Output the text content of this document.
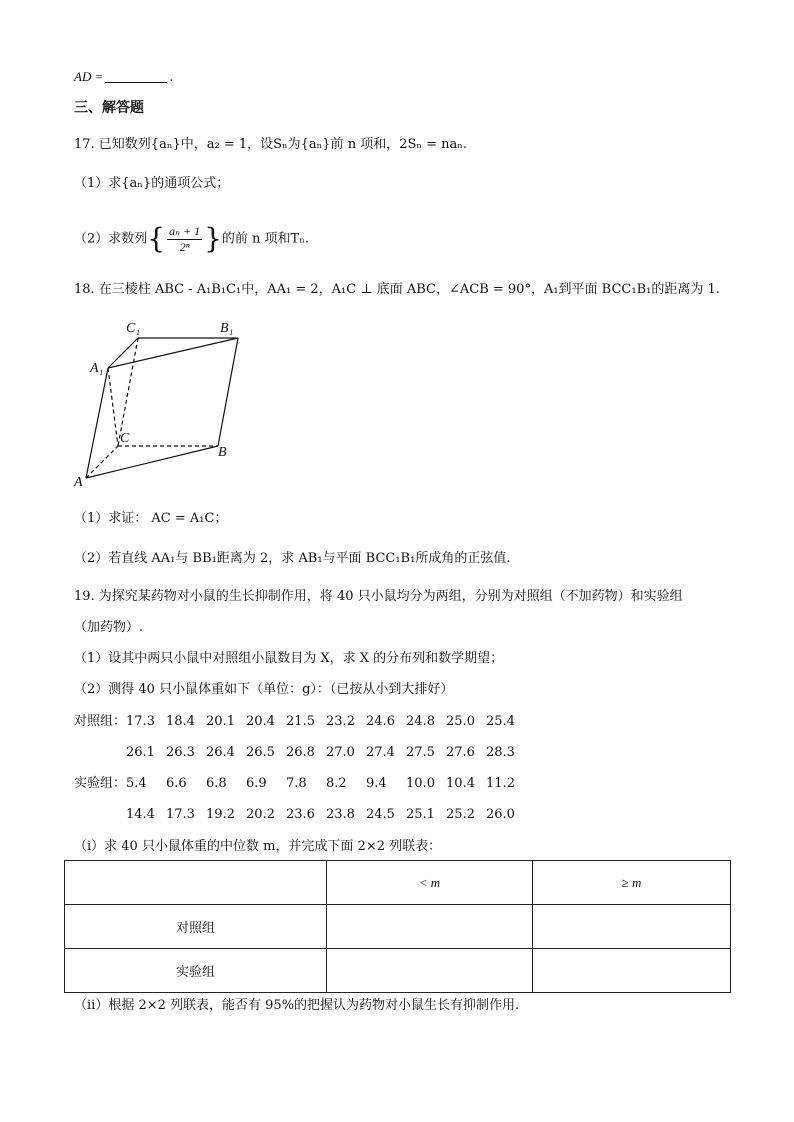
AD =	.
三、解答题
17. 已知数列{aₙ}中，a₂ = 1，设Sₙ为{aₙ}前 n 项和，2Sₙ = naₙ.
（1）求{aₙ}的通项公式；
（2）求数列{ $\frac{\text{aₙ + 1}}{\text{2ⁿ}}$ }的前 n 项和Tₙ.
18. 在三棱柱 ABC - A₁B₁C₁中，AA₁ = 2，A₁C ⊥ 底面 ABC，∠ACB = 90°，A₁到平面 BCC₁B₁的距离为 1.
C₁	B₁
A₁
C
B
A
（1）求证： AC = A₁C；
（2）若直线 AA₁与 BB₁距离为 2，求 AB₁与平面 BCC₁B₁所成角的正弦值.
19. 为探究某药物对小鼠的生长抑制作用，将 40 只小鼠均分为两组，分别为对照组（不加药物）和实验组
（加药物）.
（1）设其中两只小鼠中对照组小鼠数目为 X，求 X 的分布列和数学期望；
（2）测得 40 只小鼠体重如下（单位：g）：（已按从小到大排好）
对照组：17.3 18.4 20.1 20.4 21.5 23.2 24.6 24.8 25.0 25.4
26.1 26.3 26.4 26.5 26.8 27.0 27.4 27.5 27.6 28.3
实验组：5.4 6.6 6.8 6.9 7.8 8.2 9.4 10.0 10.4 11.2
14.4 17.3 19.2 20.2 23.6 23.8 24.5 25.1 25.2 26.0
（i）求 40 只小鼠体重的中位数 m，并完成下面 2×2 列联表：
	< m	≥ m
对照组		
实验组		
（ii）根据 2×2 列联表，能否有 95%的把握认为药物对小鼠生长有抑制作用.
